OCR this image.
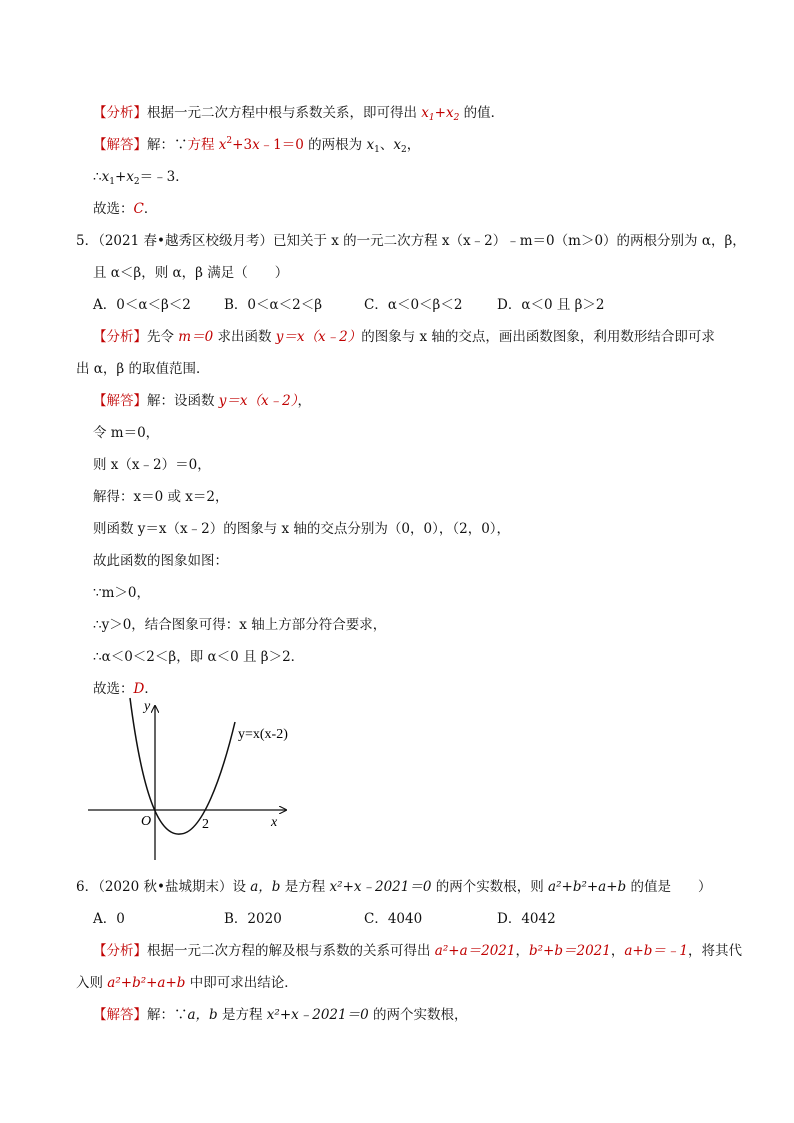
【分析】根据一元二次方程中根与系数关系，即可得出 $x_1+x_2$ 的值．
【解答】解：∵方程 $x^2+3x﹣1=0$ 的两根为 $x_1$、$x_2$，
$\therefore x_1+x_2=﹣3$．
故选：C．
5．（2021 春•越秀区校级月考）已知关于 x 的一元二次方程 x（x﹣2）﹣m＝0（m＞0）的两根分别为 α，β，
且 α＜β，则 α，β 满足（　　）
A．0＜α＜β＜2 B．0＜α＜2＜β	C．α＜0＜β＜2	D．α＜0 且 β＞2
【分析】先令 m＝0 求出函数 y＝x（x﹣2）的图象与 x 轴的交点，画出函数图象，利用数形结合即可求
出 α，β 的取值范围．
【解答】解：设函数 y＝x（x﹣2），
令 m＝0，
则 x（x﹣2）＝0，
解得：x＝0 或 x＝2，
则函数 y＝x（x﹣2）的图象与 x 轴的交点分别为（0，0），（2，0），
故此函数的图象如图：
∵m＞0，
∴y＞0，结合图象可得：x 轴上方部分符合要求，
∴α＜0＜2＜β，即 α＜0 且 β＞2．
故选：D．
y
x
O	2
y=x(x-2)
6．（2020 秋•盐城期末）设 a，b 是方程 x²+x﹣2021＝0 的两个实数根，则 a²+b²+a+b 的值是　　）
A．0	B．2020	C．4040	D．4042
【分析】根据一元二次方程的解及根与系数的关系可得出 a²+a＝2021，b²+b＝2021，a+b＝﹣1，将其代
入则 a²+b²+a+b 中即可求出结论．
【解答】解：∵a，b 是方程 x²+x﹣2021＝0 的两个实数根，
